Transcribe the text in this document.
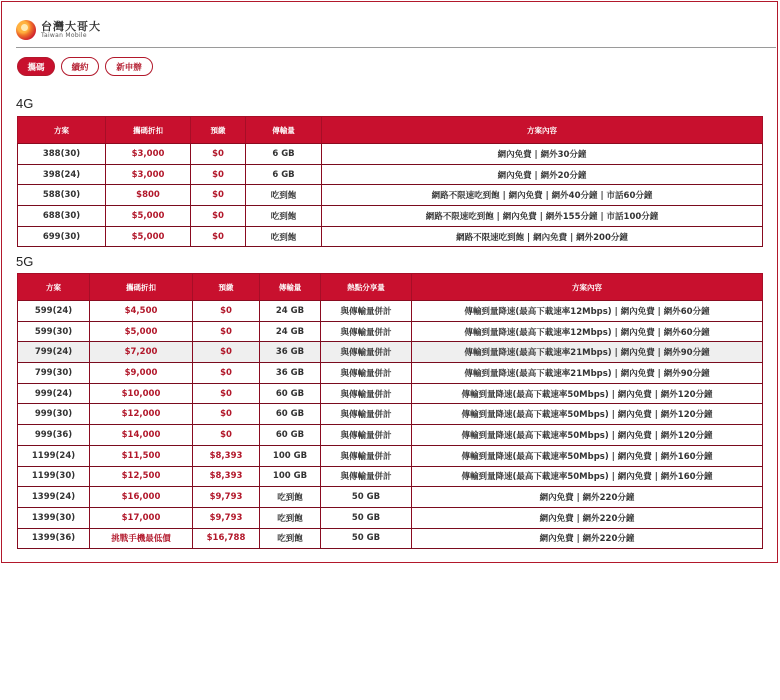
台灣大哥大
Taiwan Mobile
攜碼	續約	新申辦
4G
方案	攜碼折扣	預繳	傳輸量	方案內容
388(30)	$3,000	$0	6 GB	網內免費 | 網外30分鐘
398(24)	$3,000	$0	6 GB	網內免費 | 網外20分鐘
588(30)	$800	$0	吃到飽	網路不限速吃到飽 | 網內免費 | 網外40分鐘 | 市話60分鐘
688(30)	$5,000	$0	吃到飽	網路不限速吃到飽 | 網內免費 | 網外155分鐘 | 市話100分鐘
699(30)	$5,000	$0	吃到飽	網路不限速吃到飽 | 網內免費 | 網外200分鐘
5G
方案	攜碼折扣	預繳	傳輸量	熱點分享量	方案內容
599(24)	$4,500	$0	24 GB	與傳輸量併計	傳輸到量降速(最高下載速率12Mbps) | 網內免費 | 網外60分鐘
599(30)	$5,000	$0	24 GB	與傳輸量併計	傳輸到量降速(最高下載速率12Mbps) | 網內免費 | 網外60分鐘
799(24)	$7,200	$0	36 GB	與傳輸量併計	傳輸到量降速(最高下載速率21Mbps) | 網內免費 | 網外90分鐘
799(30)	$9,000	$0	36 GB	與傳輸量併計	傳輸到量降速(最高下載速率21Mbps) | 網內免費 | 網外90分鐘
999(24)	$10,000	$0	60 GB	與傳輸量併計	傳輸到量降速(最高下載速率50Mbps) | 網內免費 | 網外120分鐘
999(30)	$12,000	$0	60 GB	與傳輸量併計	傳輸到量降速(最高下載速率50Mbps) | 網內免費 | 網外120分鐘
999(36)	$14,000	$0	60 GB	與傳輸量併計	傳輸到量降速(最高下載速率50Mbps) | 網內免費 | 網外120分鐘
1199(24)	$11,500	$8,393	100 GB	與傳輸量併計	傳輸到量降速(最高下載速率50Mbps) | 網內免費 | 網外160分鐘
1199(30)	$12,500	$8,393	100 GB	與傳輸量併計	傳輸到量降速(最高下載速率50Mbps) | 網內免費 | 網外160分鐘
1399(24)	$16,000	$9,793	吃到飽	50 GB	網內免費 | 網外220分鐘
1399(30)	$17,000	$9,793	吃到飽	50 GB	網內免費 | 網外220分鐘
1399(36)	挑戰手機最低價	$16,788	吃到飽	50 GB	網內免費 | 網外220分鐘
